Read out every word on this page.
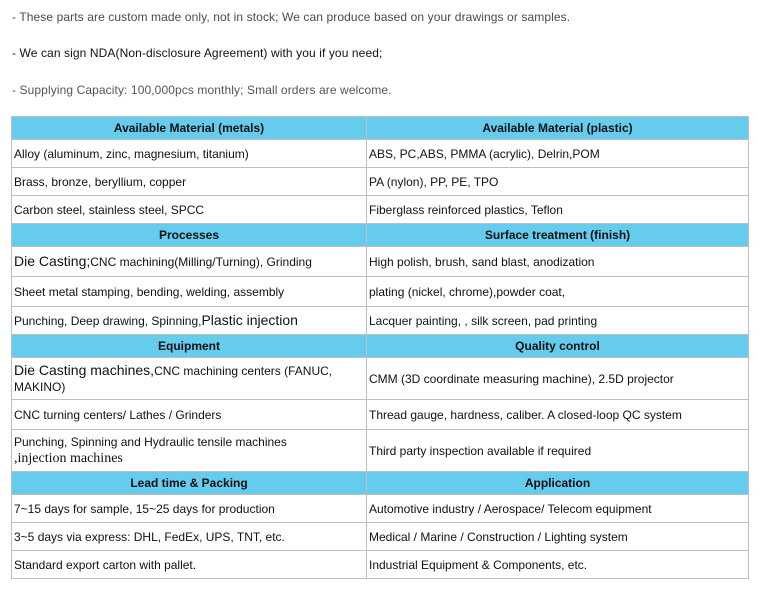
- These parts are custom made only, not in stock; We can produce based on your drawings or samples.
- We can sign NDA(Non-disclosure Agreement) with you if you need;
- Supplying Capacity: 100,000pcs monthly; Small orders are welcome.
Available Material (metals)	Available Material (plastic)
Alloy (aluminum, zinc, magnesium, titanium)	ABS, PC,ABS, PMMA (acrylic), Delrin,POM
Brass, bronze, beryllium, copper	PA (nylon), PP, PE, TPO
Carbon steel, stainless steel, SPCC	Fiberglass reinforced plastics, Teflon
Processes	Surface treatment (finish)
Die Casting;CNC machining(Milling/Turning), Grinding	High polish, brush, sand blast, anodization
Sheet metal stamping, bending, welding, assembly	plating (nickel, chrome),powder coat,
Punching, Deep drawing, Spinning,Plastic injection	Lacquer painting, , silk screen, pad printing
Equipment	Quality control
Die Casting machines,CNC machining centers (FANUC, MAKINO)	CMM (3D coordinate measuring machine), 2.5D projector
CNC turning centers/ Lathes / Grinders	Thread gauge, hardness, caliber. A closed-loop QC system
Punching, Spinning and Hydraulic tensile machines
,injection machines	Third party inspection available if required
Lead time & Packing	Application
7~15 days for sample, 15~25 days for production	Automotive industry / Aerospace/ Telecom equipment
3~5 days via express: DHL, FedEx, UPS, TNT, etc.	Medical / Marine / Construction / Lighting system
Standard export carton with pallet.	Industrial Equipment & Components, etc.
